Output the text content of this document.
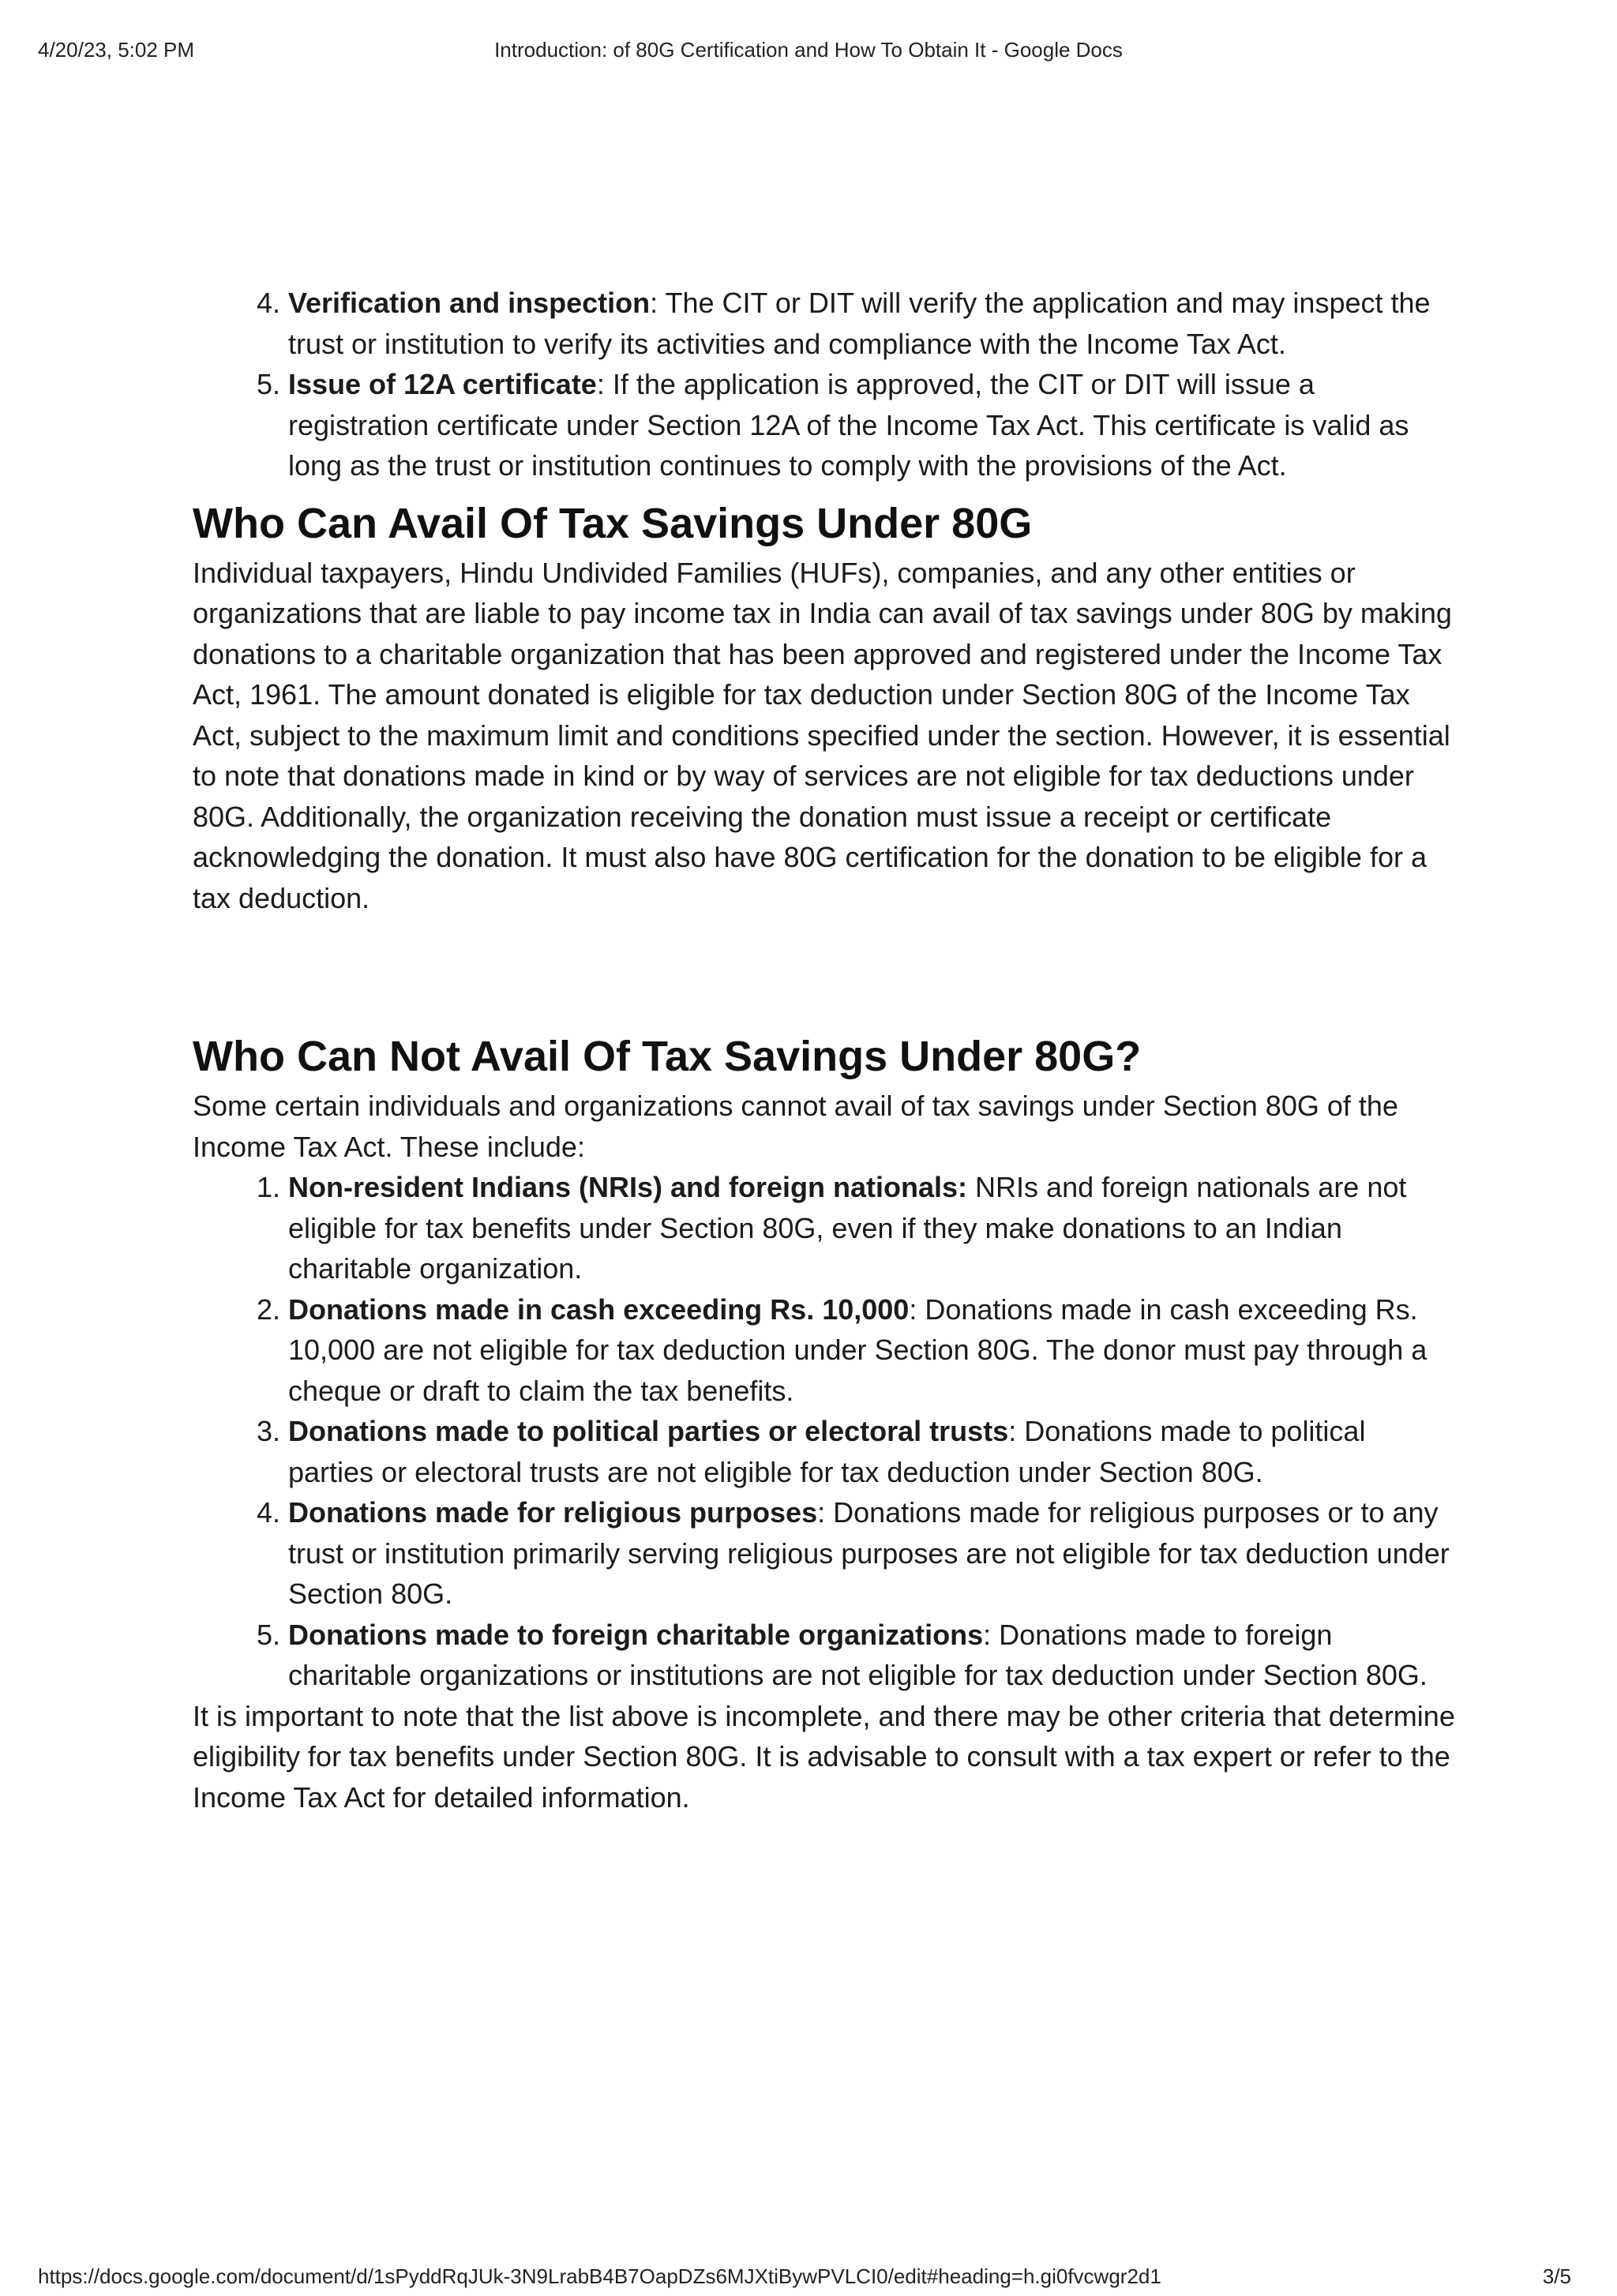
4/20/23, 5:02 PM	Introduction: of 80G Certification and How To Obtain It - Google Docs
4. Verification and inspection: The CIT or DIT will verify the application and may inspect the trust or institution to verify its activities and compliance with the Income Tax Act.
5. Issue of 12A certificate: If the application is approved, the CIT or DIT will issue a registration certificate under Section 12A of the Income Tax Act. This certificate is valid as long as the trust or institution continues to comply with the provisions of the Act.
Who Can Avail Of Tax Savings Under 80G

Individual taxpayers, Hindu Undivided Families (HUFs), companies, and any other entities or organizations that are liable to pay income tax in India can avail of tax savings under 80G by making donations to a charitable organization that has been approved and registered under the Income Tax Act, 1961. The amount donated is eligible for tax deduction under Section 80G of the Income Tax Act, subject to the maximum limit and conditions specified under the section. However, it is essential to note that donations made in kind or by way of services are not eligible for tax deductions under 80G. Additionally, the organization receiving the donation must issue a receipt or certificate acknowledging the donation. It must also have 80G certification for the donation to be eligible for a tax deduction.

Who Can Not Avail Of Tax Savings Under 80G?

Some certain individuals and organizations cannot avail of tax savings under Section 80G of the Income Tax Act. These include:

1. Non-resident Indians (NRIs) and foreign nationals: NRIs and foreign nationals are not eligible for tax benefits under Section 80G, even if they make donations to an Indian charitable organization.
2. Donations made in cash exceeding Rs. 10,000: Donations made in cash exceeding Rs. 10,000 are not eligible for tax deduction under Section 80G. The donor must pay through a cheque or draft to claim the tax benefits.
3. Donations made to political parties or electoral trusts: Donations made to political parties or electoral trusts are not eligible for tax deduction under Section 80G.
4. Donations made for religious purposes: Donations made for religious purposes or to any trust or institution primarily serving religious purposes are not eligible for tax deduction under Section 80G.
5. Donations made to foreign charitable organizations: Donations made to foreign charitable organizations or institutions are not eligible for tax deduction under Section 80G.

It is important to note that the list above is incomplete, and there may be other criteria that determine eligibility for tax benefits under Section 80G. It is advisable to consult with a tax expert or refer to the Income Tax Act for detailed information.

https://docs.google.com/document/d/1sPyddRqJUk-3N9LrabB4B7OapDZs6MJXtiBywPVLCI0/edit#heading=h.gi0fvcwgr2d1	3/5
